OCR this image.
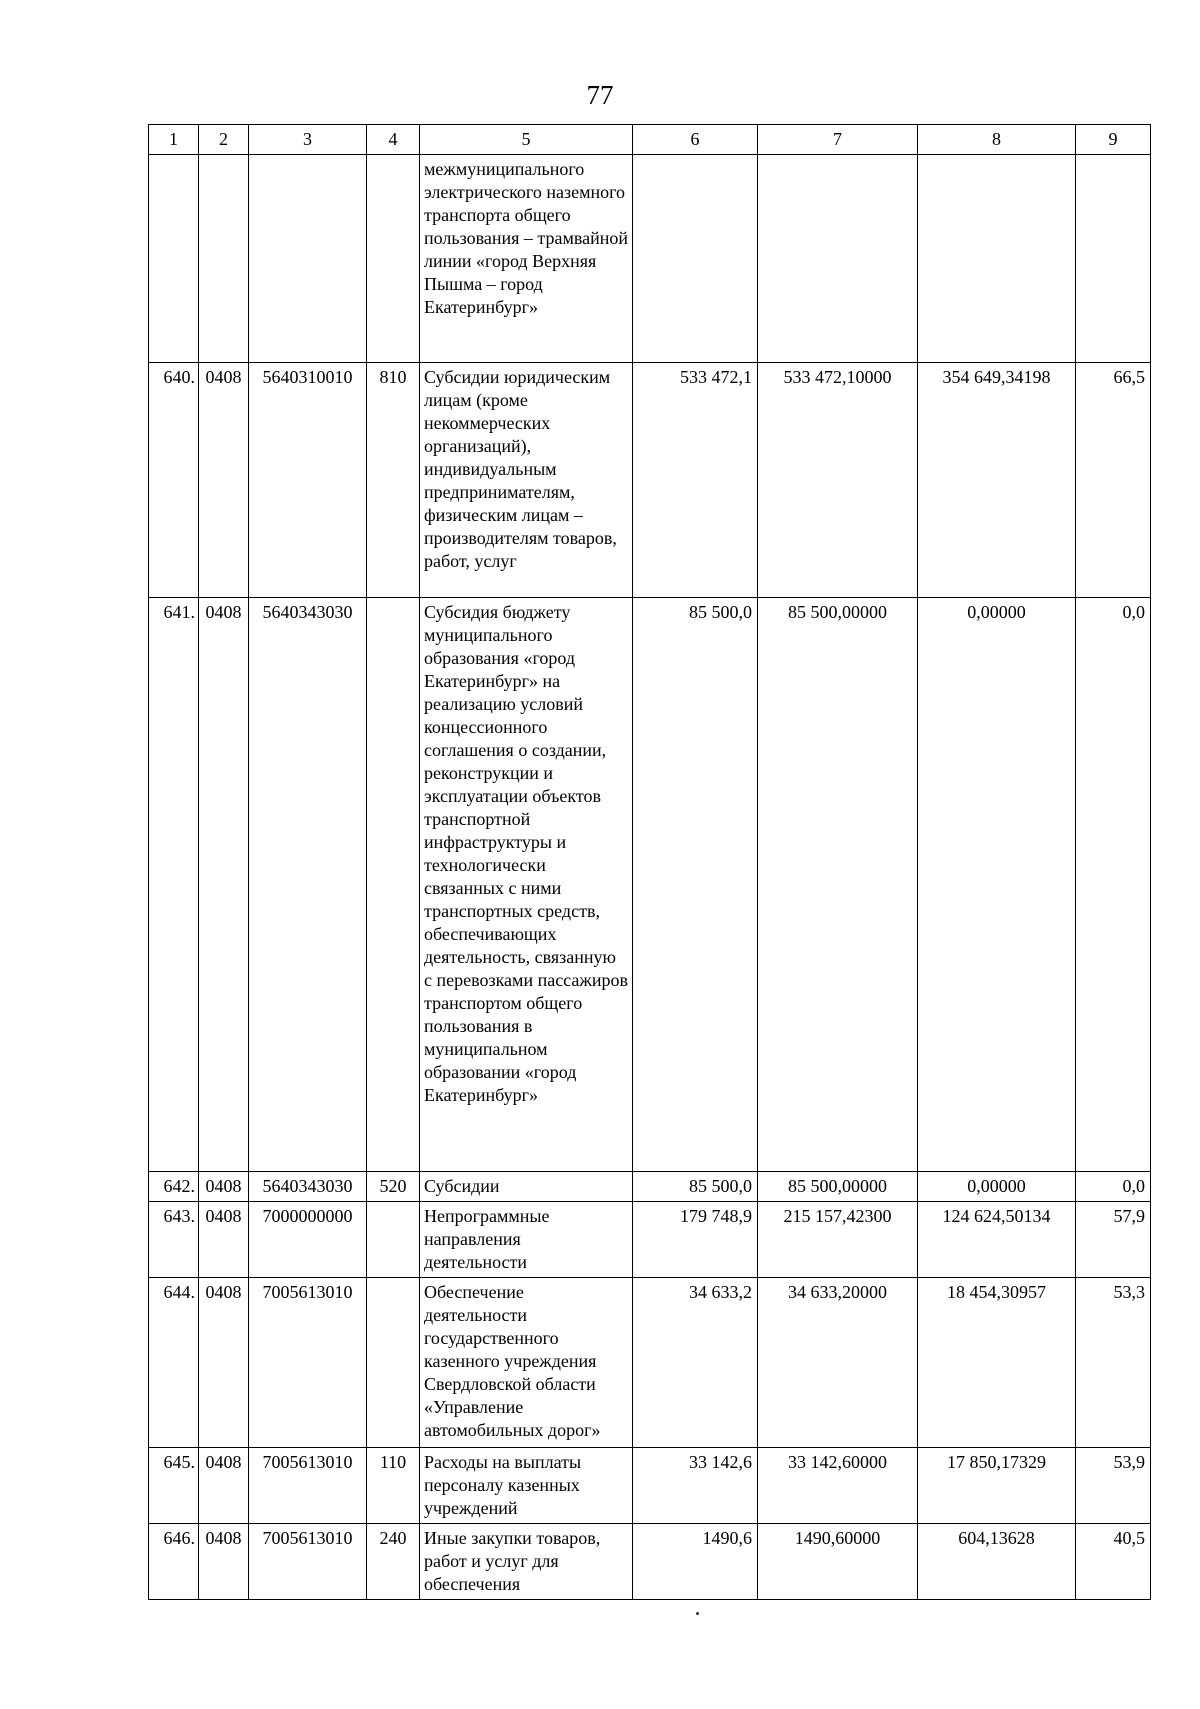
77
1	2	3	4	5	6	7	8	9
				межмуниципального электрического наземного транспорта общего пользования – трамвайной линии «город Верхняя Пышма – город Екатеринбург»				
640.	0408	5640310010	810	Субсидии юридическим лицам (кроме некоммерческих организаций), индивидуальным предпринимателям, физическим лицам – производителям товаров, работ, услуг	533 472,1	533 472,10000	354 649,34198	66,5
641.	0408	5640343030		Субсидия бюджету муниципального образования «город Екатеринбург» на реализацию условий концессионного соглашения о создании, реконструкции и эксплуатации объектов транспортной инфраструктуры и технологически связанных с ними транспортных средств, обеспечивающих деятельность, связанную с перевозками пассажиров транспортом общего пользования в муниципальном образовании «город Екатеринбург»	85 500,0	85 500,00000	0,00000	0,0
642.	0408	5640343030	520	Субсидии	85 500,0	85 500,00000	0,00000	0,0
643.	0408	7000000000		Непрограммные направления деятельности	179 748,9	215 157,42300	124 624,50134	57,9
644.	0408	7005613010		Обеспечение деятельности государственного казенного учреждения Свердловской области «Управление автомобильных дорог»	34 633,2	34 633,20000	18 454,30957	53,3
645.	0408	7005613010	110	Расходы на выплаты персоналу казенных учреждений	33 142,6	33 142,60000	17 850,17329	53,9
646.	0408	7005613010	240	Иные закупки товаров, работ и услуг для обеспечения	1490,6	1490,60000	604,13628	40,5
